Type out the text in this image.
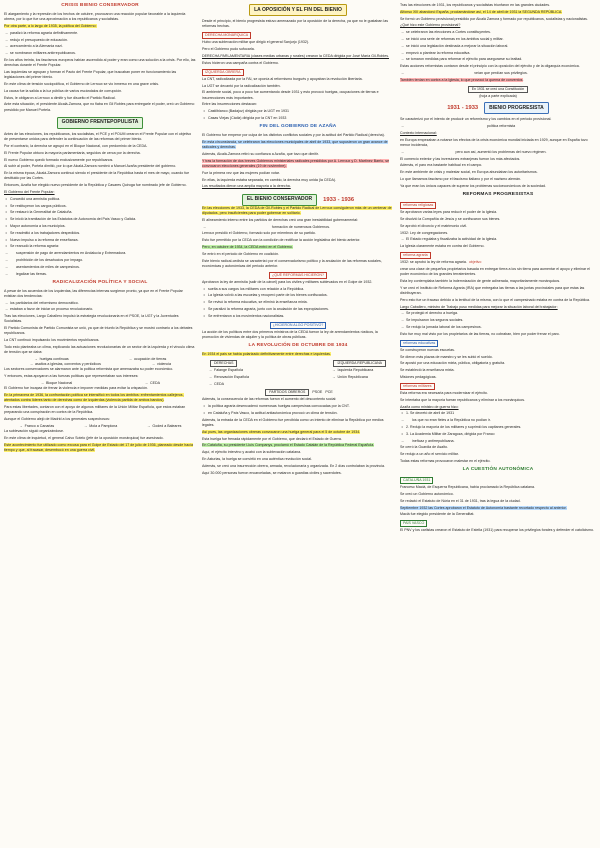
CRISIS BIENIO CONSERVADOR

El alargamiento y la represión de los hechos de octubre, provocaron una reacción popular favorable a la izquierda obrera, por lo que fue una aproximación a los republicanos y socialistas.

Por otra parte, a lo largo de 1935, la política del Gobierno:

→ paralizó la reforma agraria definitivamente.

→ redujo el presupuesto de educación.

→ acercamiento a la Alemania nazi.

→ se nombraron militares antirrepublicanos.

En los años treinta, los fascismos europeos habían ascendido al poder y eran como una solución a la crisis. Por ello, las derechas durante el Frente Popular.

Las izquierdas se agrupan y forman el Pacto del Frente Popular, que buscaban poner en funcionamiento las legislaciones del primer bienio.

En este clima de tensión sociopolítica, el Gobierno de Lerroux se vio inmerso en una grave crisis.

La causa fue la salida a la luz pública de varios escándalos de corrupción.

Estos, le obligaron a Lerroux a dimitir y fue disuelto el Partido Radical.

Ante esta situación, el presidente Alcalá-Zamora, que no fiaba en Gil Robles para entregarle el poder, creó un Gobierno presidido por Manuel Portela.

GOBIERNO FRENTEPOPULISTA

Antes de las elecciones, los republicanos, los socialistas, el PCE y el POUM crearon el Frente Popular con el objetivo de presentarse unidos para defender la continuación de las reformas del primer bienio.

Por el contrario, la derecha se agrupó en el Bloque Nacional, con predominio de la CEDA.

El Frente Popular obtuvo la mayoría parlamentaria, seguidos de cerca por la derecha.

El nuevo Gobierno quedó formado exclusivamente por republicanos.

Al subir al poder, Portela dimitió, por lo que Alcalá-Zamora nombró a Manuel Azaña presidente del gobierno.

En la misma época, Alcalá-Zamora continuó siendo el presidente de la República hasta el mes de mayo, cuando fue destituido por las Cortes.

Entonces, Azaña fue elegido nuevo presidente de la República y Casares Quiroga fue nombrado jefe de Gobierno.

El Gobierno del Frente Popular:

• Concedió una amnistía política.

• Se restituyeron los cargos públicos.

• Se restauró la Generalitat de Cataluña.

• Se inició la tramitación de los Estatutos de Autonomía del País Vasco y Galicia.

• Mayor autonomía a los municipios.

• Se readmitió a los trabajadores despedidos.

• Nuevo impulso a la reforma de enseñanza.

• Se reanudó la reforma agraria:

→ suspensión de pago de arrendamientos en Andalucía y Extremadura.

→ prohibición de los desahucios por impago.

→ asentamientos de miles de campesinos.

→ legalizar las tierras.

RADICALIZACIÓN POLÍTICA Y SOCIAL

A pesar de los acuerdos de los izquierdas, las diferencias internas surgieron pronto, ya que en el Frente Popular existían dos tendencias:

→ los partidarios del reformismo democrático.

→ estaban a favor de iniciar un proceso revolucionario.

Tras las elecciones, Largo Caballero impulsó la estrategia revolucionaria en el PSOE, la UGT y la Juventudes Socialistas.

El Partido Comunista de Partido Comunista se unió, ya que de triunfo la República y se mostró contrario a los debates republicanos.

La CNT continuó impulsando los movimientos republicanos.

Todo esto planteaba un clima, explicando las actuaciones revolucionarias de un sector de la izquierda y el vínculo clima de tensión que se daba:

→ huelgas continuas	→ ocupación de tierras
→ asaltos a iglesias, conventos y periódicos	→ violencia

Los sectores conservadores se alarmaron ante la política reformista que amenazaba su poder económico.

Y entonces, estas apoyaron a las fuerzas políticas que representaban sus intereses:

→ Bloque Nacional	→ CEDA

El Gobierno fue incapaz de frenar la violencia e imponer medidas para evitar la crispación.

En la primavera de 1936, la confrontación política se intensificó en todos los ámbitos: enfrentamientos callejeros, atentados contra líderes tanto de derechas como de izquierdas (violencia partida de ambos bandos).

Para estas libertades, contaron con el apoyo de algunos militares de la Unión Militar Española, que estos estaban preparando una conspiración en contra de la República.

Aunque el Gobierno alejó de Madrid a los generales sospechosos:

→ Franco a Canarias	→ Mola a Pamplona	→ Goded a Baleares

La sublevación siguió organizándose.

En este clima de inquietud, el general Calvo Sotelo (jefe de la oposición monárquica) fue asesinado.

Este acontecimiento fue utilizado como excusa para el Golpe de Estado del 17 de julio de 1936, planeado desde hacía tiempo y que, al fracasar, desembocó en una guerra civil.

LA OPOSICIÓN Y EL FIN DEL BIENIO

Desde el principio, el bienio progresista estuvo amenazado por la oposición de la derecha, ya que no le gustaban las reformas hechas.

DERECHA MONÁRQUICA

Hubo una sublevación militar que dirigió el general Sanjurjo (1932).

Pero el Gobierno pudo sofocarla.

DERECHA PARLAMENTARIA (clases medias urbanas y rurales) crearon la CEDA dirigida por José María Gil-Robles.

Estos hicieron una campaña contra el Gobierno.

IZQUIERDA OBRERA

La CNT, radicalizada por la FAI, se oponía al reformismo burgués y apoyaban la revolución libertaria.

La UGT se decantó por la radicalización también.

El ambiente social, poco a poco fue aumentando desde 1931 y esto provocó huelgas, ocupaciones de tierras e insurrecciones más importantes.

Entre las insurrecciones destacan:

• Castilblanco (Badajoz) dirigida por la UGT en 1931

• Casas Viejas (Cádiz) dirigida por la CNT en 1933

FIN DEL GOBIERNO DE AZAÑA

El Gobierno fue emperor por culpa de los distintos conflictos sociales y por la actitud del Partido Radical (derecha).

En esta circunstancia, se celebraron las elecciones municipales de abril de 1933, que supusieron un gran avance de radicales y derechas.

Además, Alcalá-Zamora retiró su confianza a Azaña, que tuvo que dimitir.

Y tras la formación de dos breves Gobiernos ministeriales radicales presididos por A. Lerroux y D. Martínez Barrio, se convocaron elecciones generales (19 de noviembre).

Fue la primera vez que las mujeres podían votar.

En ellas, la izquierda estaba separada, en cambio, la derecha muy unida (la CEDA).

Los resultados dieron una amplia mayoría a la derecha.

EL BIENIO CONSERVADOR	1933 - 1936

En las elecciones de 1933, la CEDA de Gil-Robles y el Partido Radical de Lerroux consiguieron más de un centenar de diputados, pero insuficientes para poder gobernar en solitario.

El alineamiento interno entre los partidos de derechas creó una gran inestabilidad gubernamental:

→ formación de numerosos Gobiernos.

Lerroux presidió el Gobierno, formado solo por miembros de su partido.

Esto fue permitido por la CEDA con la condición de rectificar la acción legislativa del bienio anterior.

Pero, en octubre de 1934, la CEDA entró en el Gobierno.

Se entró en el periodo de Gobierno en coalición.

Este bienio radical-cedista se caracterizó por el conservadurismo político y la anulación de las reformas sociales, económicas y autonómicas del periodo anterior.

¿QUÉ REFORMAS HICIERON?

Aprobaron la ley de amnistía (salir de la cárcel) para los civiles y militares sublevados en el Golpe de 1932.

• suelta a sus cargos los militares con relación a la República.

• La Iglesia volvió a las escuelas y recuperó parte de los bienes confiscados.

• Se revisó la reforma educativa, se eliminó la enseñanza mixta.

• Se paralizó la reforma agraria, junto con la anulación de las expropiaciones.

• Se enfrentaron a los movimientos nacionalistas.

¿HICIERON ALGO POSITIVO?

La acción de los políticos entre dos primeros ministros de la CEDA fueron la ley de arrendamientos rústicos, la promoción de viviendas de alquiler y la política de obras públicas.

LA REVOLUCIÓN DE OCTUBRE DE 1934

En 1934 el país se había polarizado definitivamente entre derechas e izquierdas.

DERECHAS

→ Falange Española

→ Renovación Española

→ CEDA

IZQUIERDA REPUBLICANA

→ Izquierda Republicana

→ Unión Republicana

PARTIDOS OBREROS PSOE PCE

Además, la consecuencia de las reformas fueron el aumento del descontento social:

• la política agraria desencadenó numerosas huelgas campesinas convocadas por la CNT.

• en Cataluña y País Vasco, la actitud antiautonómica provocó un clima de tensión.

Además, la entrada de la CEDA en el Gobierno fue percibida como un intento de eliminar la República por medios legales.

Así pues, las organizaciones obreras convocaron una huelga general para el 5 de octubre de 1934.

Esta huelga fue frenada rápidamente por el Gobierno, que declaró el Estado de Guerra.

En Cataluña, su presidente Lluís Companys, proclamó el Estado Catalán de la República Federal Española.

Aquí, el ejército intervino y acabó con la sublevación catalana.

En Asturias, la huelga se convirtió en una auténtica revolución social.

Además, se creó una insurrección obrera, armada, revolucionaria y organizada. En 2 días controlaban la provincia.

Aquí 30.000 personas fueron encarceladas, se mataron a guardias civiles y sacerdotes.

Tras las elecciones de 1931, los republicanos y socialistas triunfaron en las grandes ciudades.

Alfonso XIII abandonó España, proclamándose así, el 14 de abril de 1931 la SEGUNDA REPÚBLICA.

Se formó un Gobierno provisional presidido por Alcalá Zamora y formado por republicanos, socialistas y nacionalistas.

¿Qué hizo este Gobierno provisional?

→ se celebraron las elecciones a Cortes constituyentes.

→ se inició una serie de reformas en los ámbitos social y militar.

→ se inició una legislación destinada a mejorar la situación laboral.

→ empezó a plantear la reforma educativa.

→ se tomaron medidas para reformar el ejército para asegurarse su lealtad.

Estas acciones reformistas contaron desde el principio con la oposición del ejército y de la oligarquía económica.

→ veían que perdían sus privilegios.

También tenían en contra a la Iglesia, lo que provocó la quema de conventos.

En 1931 se creó una Constitución
(hoja a parte explicada)
1931 - 1933	BIENIO PROGRESISTA

Se caracterizó por el intento de producir un reformismo y los cambios en el periodo provisional.

→ política reformista

Contexto internacional:

en Europa empezaban a notarse los efectos de la crisis económica mundial iniciada en 1929, aunque en España tuvo menor incidencia,

→ pero aun así, aumentó los problemas del nuevo régimen.

El comercio exterior y las inversiones extranjeras fueron los más afectados.

Además, el paro era bastante habitual en el campo.

En este ambiente de crisis y malestar social, en Europa abundaban los autoritarismos.

Lo que llamamos fascismo por el fascismo italiano y por el nazismo alemán.

Ya que eran los únicos capaces de superar los problemas socioeconómicos de la sociedad.

REFORMAS PROGRESISTAS
reformas religiosas

Se aprobaron varias leyes para reducir el poder de la Iglesia.

Se disolvió la Compañía de Jesús y se confiscaron sus bienes.

Se aprobó el divorcio y el matrimonio civil.

1932: Ley de congregaciones.

→ El Estado regulaba y fiscalizaba la actividad de la Iglesia.

La Iglesia claramente estaba en contra del Gobierno.

reforma agraria

1932: se aprobó la ley de reforma agraria. objetivo

crear una clase de pequeños propietarios basada en entregar tierra a los sin tierra para aumentar el apoyo y eliminar el poder económico de los grandes terratenientes.

Esta ley contemplaba también la indemnización de gente adinerada, mayoritariamente monárquicos.

Y se creó el Instituto de Reforma Agraria (IRA) que entregaba las tierras a las juntas provinciales para que estas las distribuyeran.

Pero esto fue un fracaso debido a la lentitud de la misma, con lo que el campesinado estaba en contra de la República.

Largo Caballero, ministro de Trabajo puso medidas para mejorar la situación laboral del trabajador:

→ Se protegió el derecho a huelga.

→ Se impulsaron los seguros sociales.

→ Se redujo la jornada laboral de los campesinos.

Esto fue muy mal visto por los propietarios de las tierras, no cobraban, bien por poder frenar el paro.

reformas educativas

Se construyeron nuevas escuelas.

Se dieron más plazas de maestro y se les subió el sueldo.

Se apostó por una educación mixta, pública, obligatoria y gratuita.

Se estableció la enseñanza mixta.

Misiones pedagógicas.

reformas militares

Esta reforma era necesaria para modernizar el ejército.

Se intentaba que la mayoría fueran republicanos y eliminar a los monárquicos.

Azaña como ministro de guerra hizo:

• 1. Se decretó de abril de 1931

→ los que no eran fieles a la República no podían ir.

• 2. Redujo la mayoría de los militares y suprimió los capitanes generales.

• 3. La Academia Militar de Zaragoza, dirigida por Franco

→ ineficaz y antirrepublicana.

Se cerró la Guardia de Asalto.

Se redujo a un año el servicio militar.

Todas estas reformas provocaron malestar en el ejército.

LA CUESTIÓN AUTONÓMICA
CATALUÑA 1931

Francesc Macià, de Esquerra Republicana, había proclamado la República catalana.

Se creó un Gobierno autonómico.

Se redactó el Estatuto de Núria en el 31 de 1931, tras la legua de la ciudad.

Septiembre 1932 las Cortes aprobaron el Estatuto de Autonomía bastante recortado respecto al anterior.

Macià fue elegido presidente de la Generalitat.

PAÍS VASCO

El PNV y los carlistas crearon el Estatuto de Estella (1931) para recuperar los privilegios forales y defender el catolicismo.
